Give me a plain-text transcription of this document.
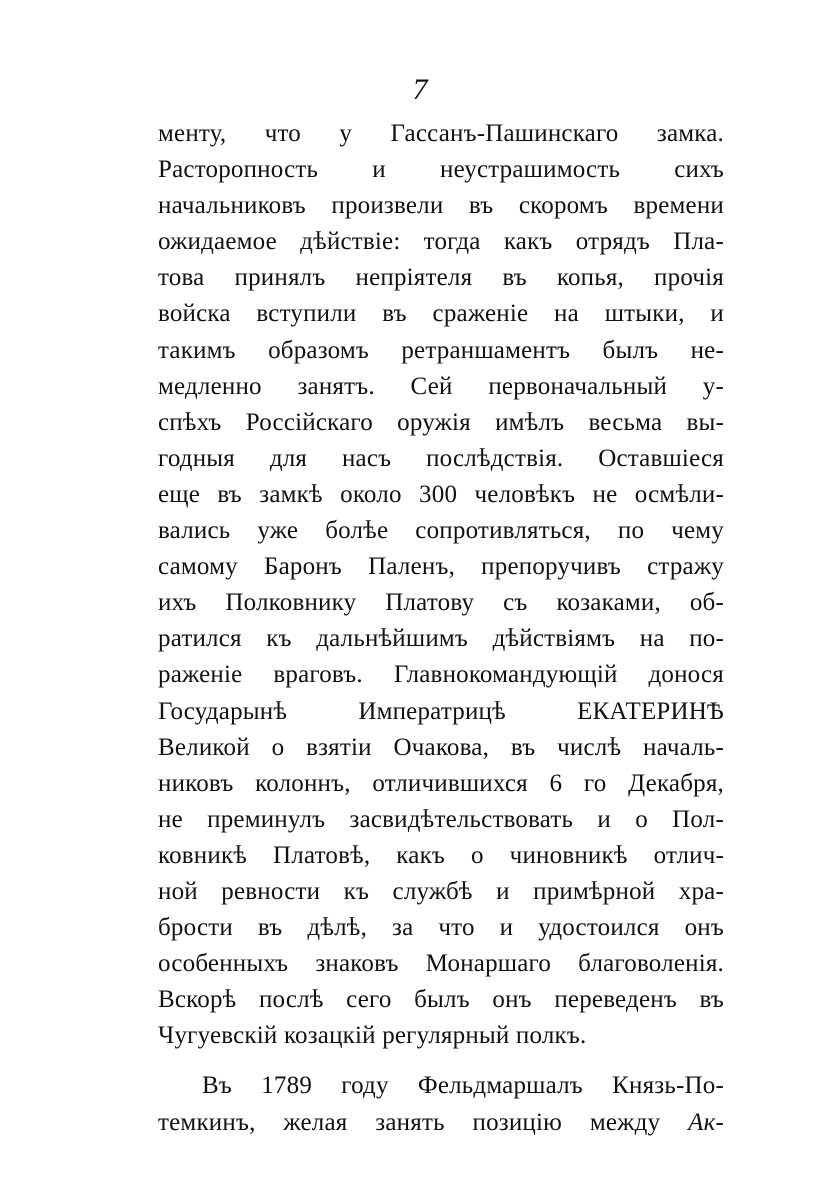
7
менту, что у Гассанъ-Пашинскаго замка.
Расторопность и неустрашимость сихъ
начальниковъ произвели въ скоромъ времени
ожидаемое дѣйствіе: тогда какъ отрядъ Пла-
това принялъ непріятеля въ копья, прочія
войска вступили въ сраженіе на штыки, и
такимъ образомъ ретраншаментъ былъ не-
медленно занятъ. Сей первоначальный у-
спѣхъ Россійскаго оружія имѣлъ весьма вы-
годныя для насъ послѣдствія. Оставшіеся
еще въ замкѣ около 300 человѣкъ не осмѣли-
вались уже болѣе сопротивляться, по чему
самому Баронъ Паленъ, препоручивъ стражу
ихъ Полковнику Платову съ козаками, об-
ратился къ дальнѣйшимъ дѣйствіямъ на по-
раженіе враговъ. Главнокомандующій донося
Государынѣ Императрицѣ ЕКАТЕРИНѢ
Великой о взятіи Очакова, въ числѣ началь-
никовъ колоннъ, отличившихся 6 го Декабря,
не преминулъ засвидѣтельствовать и о Пол-
ковникѣ Платовѣ, какъ о чиновникѣ отлич-
ной ревности къ службѣ и примѣрной хра-
брости въ дѣлѣ, за что и удостоился онъ
особенныхъ знаковъ Монаршаго благоволенія.
Вскорѣ послѣ сего былъ онъ переведенъ въ
Чугуевскій козацкій регулярный полкъ.
Въ 1789 году Фельдмаршалъ Князь-По-
темкинъ, желая занять позицію между Ак-
